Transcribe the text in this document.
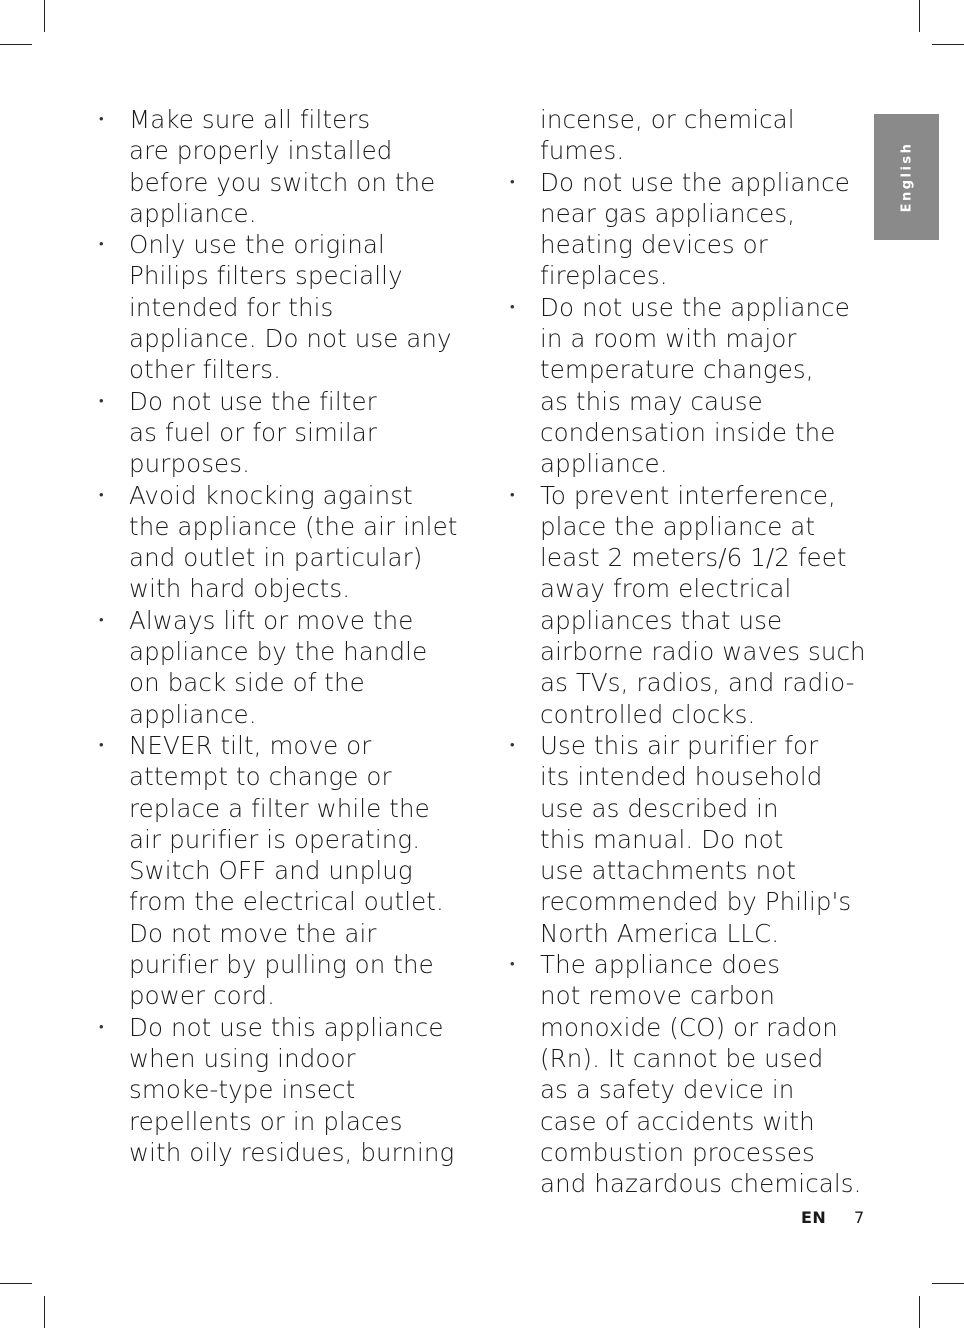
English
• Make sure all filters
are properly installed
before you switch on the
appliance.
• Only use the original
Philips filters specially
intended for this
appliance. Do not use any
other filters.
• Do not use the filter
as fuel or for similar
purposes.
• Avoid knocking against
the appliance (the air inlet
and outlet in particular)
with hard objects.
• Always lift or move the
appliance by the handle
on back side of the
appliance.
• NEVER tilt, move or
attempt to change or
replace a filter while the
air purifier is operating.
Switch OFF and unplug
from the electrical outlet.
Do not move the air
purifier by pulling on the
power cord.
• Do not use this appliance
when using indoor
smoke-type insect
repellents or in places
with oily residues, burning
incense, or chemical
fumes.
• Do not use the appliance
near gas appliances,
heating devices or
fireplaces.
• Do not use the appliance
in a room with major
temperature changes,
as this may cause
condensation inside the
appliance.
• To prevent interference,
place the appliance at
least 2 meters/6 1/2 feet
away from electrical
appliances that use
airborne radio waves such
as TVs, radios, and radio-
controlled clocks.
• Use this air purifier for
its intended household
use as described in
this manual. Do not
use attachments not
recommended by Philip's
North America LLC.
• The appliance does
not remove carbon
monoxide (CO) or radon
(Rn). It cannot be used
as a safety device in
case of accidents with
combustion processes
and hazardous chemicals.
EN 7
